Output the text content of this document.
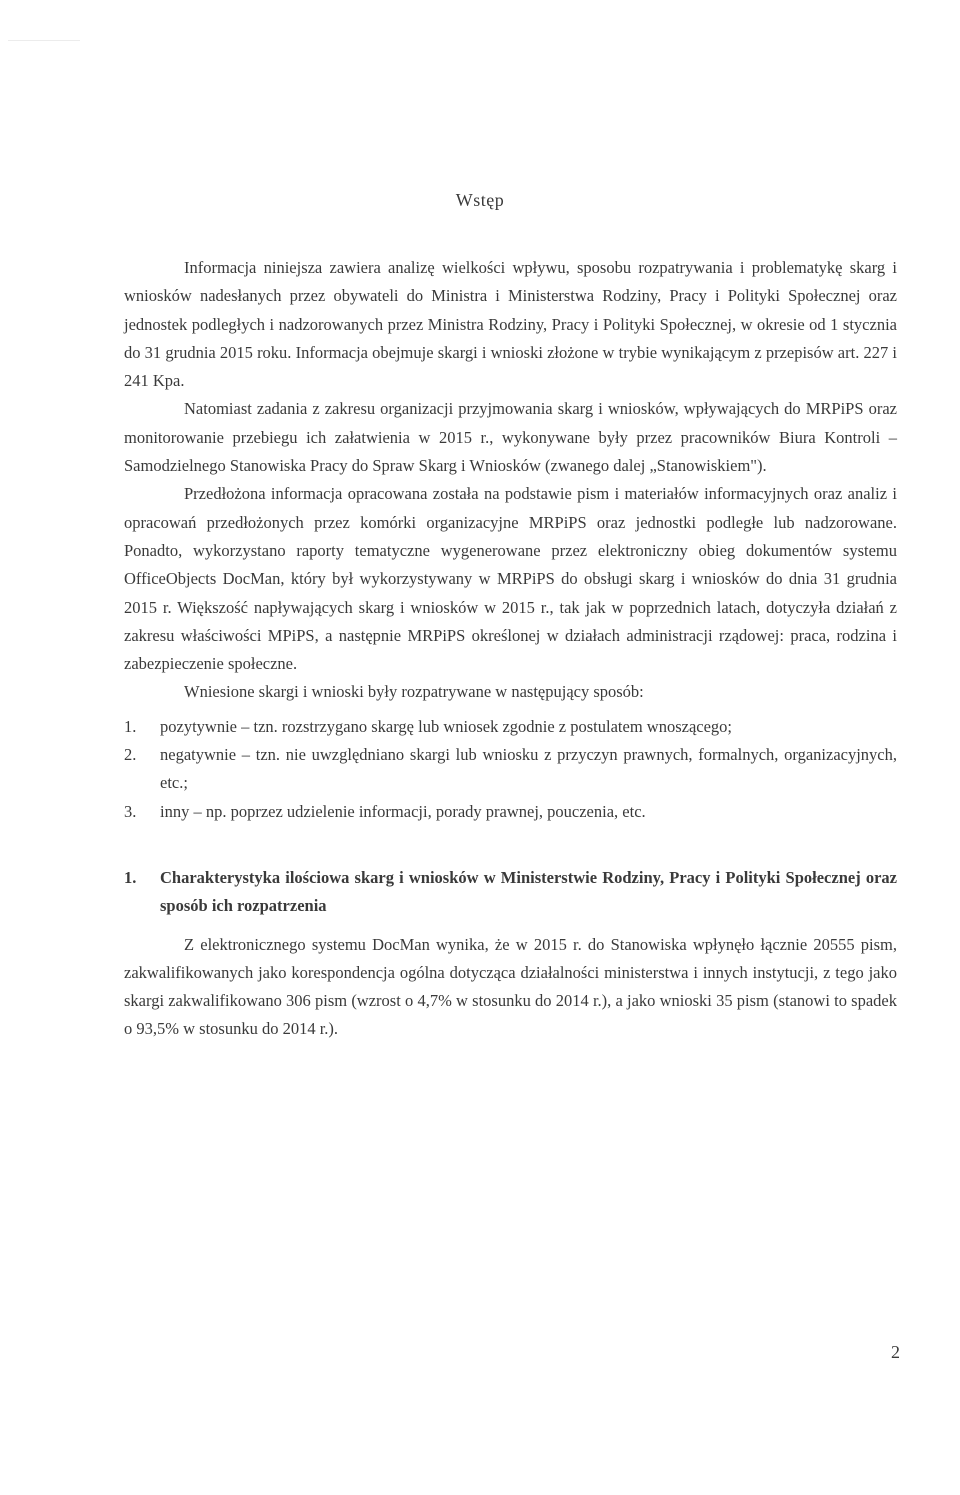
Wstęp

Informacja niniejsza zawiera analizę wielkości wpływu, sposobu rozpatrywania i problematykę skarg i wniosków nadesłanych przez obywateli do Ministra i Ministerstwa Rodziny, Pracy i Polityki Społecznej oraz jednostek podległych i nadzorowanych przez Ministra Rodziny, Pracy i Polityki Społecznej, w okresie od 1 stycznia do 31 grudnia 2015 roku. Informacja obejmuje skargi i wnioski złożone w trybie wynikającym z przepisów art. 227 i 241 Kpa.

Natomiast zadania z zakresu organizacji przyjmowania skarg i wniosków, wpływających do MRPiPS oraz monitorowanie przebiegu ich załatwienia w 2015 r., wykonywane były przez pracowników Biura Kontroli – Samodzielnego Stanowiska Pracy do Spraw Skarg i Wniosków (zwanego dalej „Stanowiskiem").

Przedłożona informacja opracowana została na podstawie pism i materiałów informacyjnych oraz analiz i opracowań przedłożonych przez komórki organizacyjne MRPiPS oraz jednostki podległe lub nadzorowane. Ponadto, wykorzystano raporty tematyczne wygenerowane przez elektroniczny obieg dokumentów systemu OfficeObjects DocMan, który był wykorzystywany w MRPiPS do obsługi skarg i wniosków do dnia 31 grudnia 2015 r. Większość napływających skarg i wniosków w 2015 r., tak jak w poprzednich latach, dotyczyła działań z zakresu właściwości MPiPS, a następnie MRPiPS określonej w działach administracji rządowej: praca, rodzina i zabezpieczenie społeczne.

Wniesione skargi i wnioski były rozpatrywane w następujący sposób:

1. pozytywnie – tzn. rozstrzygano skargę lub wniosek zgodnie z postulatem wnoszącego;
2. negatywnie – tzn. nie uwzględniano skargi lub wniosku z przyczyn prawnych, formalnych, organizacyjnych, etc.;
3. inny – np. poprzez udzielenie informacji, porady prawnej, pouczenia, etc.
1. Charakterystyka ilościowa skarg i wniosków w Ministerstwie Rodziny, Pracy i Polityki Społecznej oraz sposób ich rozpatrzenia

Z elektronicznego systemu DocMan wynika, że w 2015 r. do Stanowiska wpłynęło łącznie 20555 pism, zakwalifikowanych jako korespondencja ogólna dotycząca działalności ministerstwa i innych instytucji, z tego jako skargi zakwalifikowano 306 pism (wzrost o 4,7% w stosunku do 2014 r.), a jako wnioski 35 pism (stanowi to spadek o 93,5% w stosunku do 2014 r.).

2
